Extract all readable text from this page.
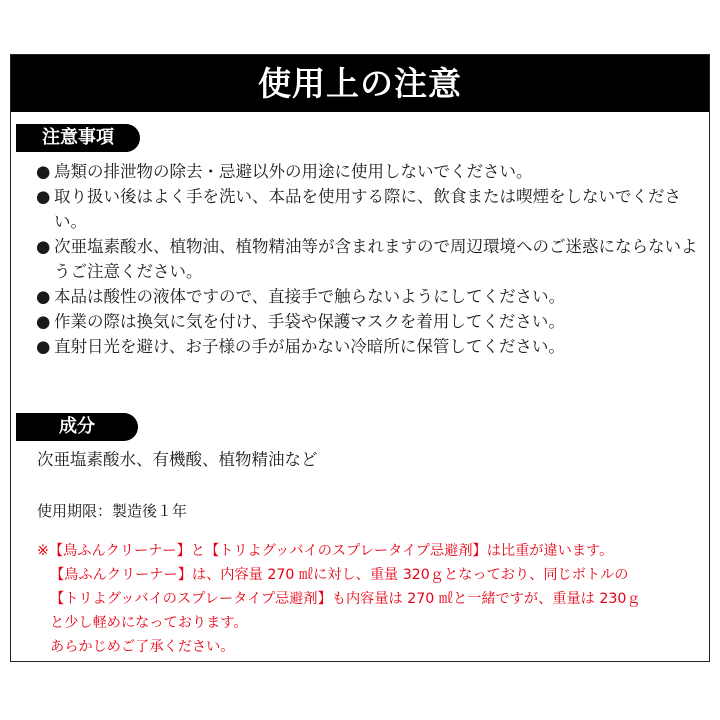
使用上の注意
注意事項
● 鳥類の排泄物の除去・忌避以外の用途に使用しないでください。
● 取り扱い後はよく手を洗い、本品を使用する際に、飲食または喫煙をしないでください。
● 次亜塩素酸水、植物油、植物精油等が含まれますので周辺環境へのご迷惑にならないようご注意ください。
● 本品は酸性の液体ですので、直接手で触らないようにしてください。
● 作業の際は換気に気を付け、手袋や保護マスクを着用してください。
● 直射日光を避け、お子様の手が届かない冷暗所に保管してください。
成分
次亜塩素酸水、有機酸、植物精油など
使用期限：製造後１年

※【鳥ふんクリーナー】と【トリよグッバイのスプレータイプ忌避剤】は比重が違います。

【鳥ふんクリーナー】は、内容量 270 ㎖に対し、重量 320ｇとなっており、同じボトルの

【トリよグッバイのスプレータイプ忌避剤】も内容量は 270 ㎖と一緒ですが、重量は 230ｇ

と少し軽めになっております。

あらかじめご了承ください。
